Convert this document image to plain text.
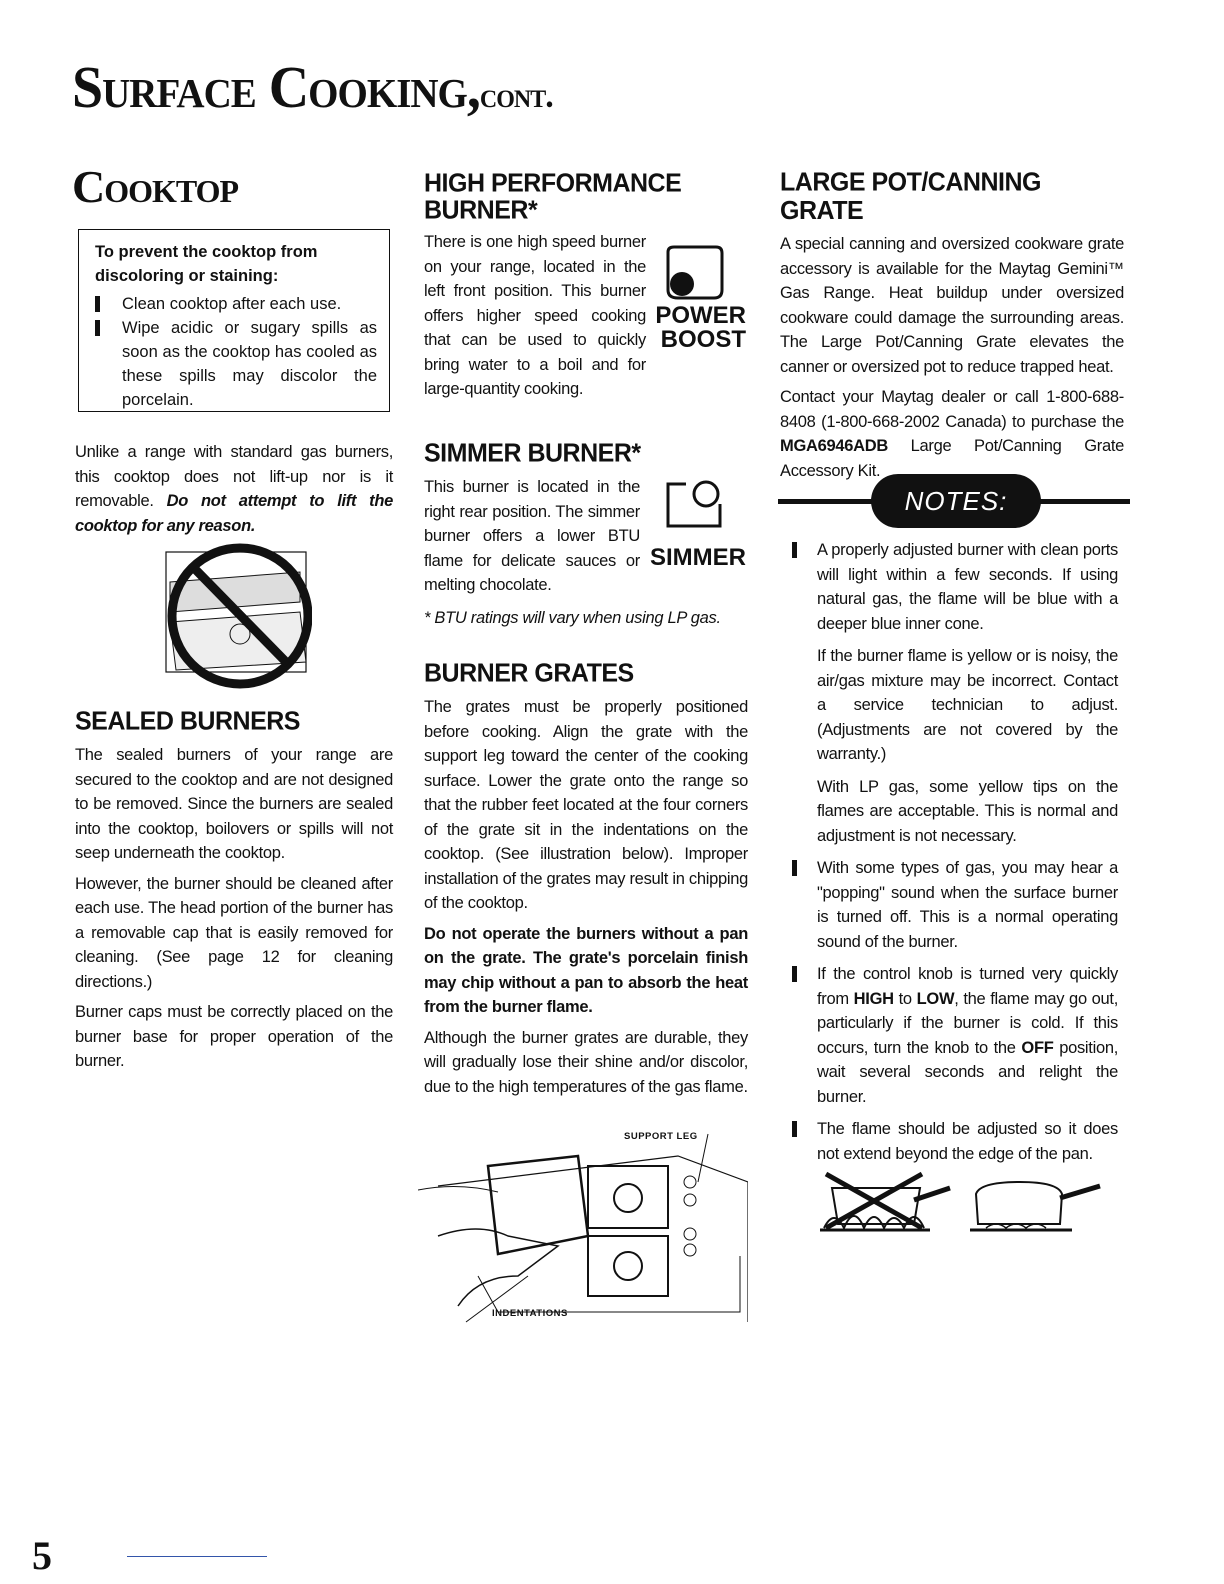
Surface Cooking,cont.
Cooktop
To prevent the cooktop from discoloring or staining:
Clean cooktop after each use.
Wipe acidic or sugary spills as soon as the cooktop has cooled as these spills may discolor the porcelain.

Unlike a range with standard gas burners, this cooktop does not lift-up nor is it removable. Do not attempt to lift the cooktop for any reason.

SEALED BURNERS

The sealed burners of your range are secured to the cooktop and are not designed to be removed. Since the burners are sealed into the cooktop, boilovers or spills will not seep underneath the cooktop.

However, the burner should be cleaned after each use. The head portion of the burner has a removable cap that is easily removed for cleaning. (See page 12 for cleaning directions.)

Burner caps must be correctly placed on the burner base for proper operation of the burner.

HIGH PERFORMANCE
BURNER*

There is one high speed burner on your range, located in the left front position. This burner offers higher speed cooking that can be used to quickly bring water to a boil and for large-quantity cooking.

POWER
BOOST
SIMMER BURNER*

This burner is located in the right rear position. The simmer burner offers a lower BTU flame for delicate sauces or melting chocolate.

* BTU ratings will vary when using LP gas.

SIMMER
BURNER GRATES

The grates must be properly positioned before cooking. Align the grate with the support leg toward the center of the cooking surface. Lower the grate onto the range so that the rubber feet located at the four corners of the grate sit in the indentations on the cooktop. (See illustration below). Improper installation of the grates may result in chipping of the cooktop.

Do not operate the burners without a pan on the grate. The grate's porcelain finish may chip without a pan to absorb the heat from the burner flame.

Although the burner grates are durable, they will gradually lose their shine and/or discolor, due to the high temperatures of the gas flame.

SUPPORT LEG
INDENTATIONS
LARGE POT/CANNING GRATE

A special canning and oversized cookware grate accessory is available for the Maytag Gemini™ Gas Range. Heat buildup under oversized cookware could damage the surrounding areas. The Large Pot/Canning Grate elevates the canner or oversized pot to reduce trapped heat.

Contact your Maytag dealer or call 1-800-688-8408 (1-800-668-2002 Canada) to purchase the MGA6946ADB Large Pot/Canning Grate Accessory Kit.

NOTES:
A properly adjusted burner with clean ports will light within a few seconds. If using natural gas, the flame will be blue with a deeper blue inner cone.
If the burner flame is yellow or is noisy, the air/gas mixture may be incorrect. Contact a service technician to adjust. (Adjustments are not covered by the warranty.)
With LP gas, some yellow tips on the flames are acceptable. This is normal and adjustment is not necessary.
With some types of gas, you may hear a "popping" sound when the surface burner is turned off. This is a normal operating sound of the burner.
If the control knob is turned very quickly from HIGH to LOW, the flame may go out, particularly if the burner is cold. If this occurs, turn the knob to the OFF position, wait several seconds and relight the burner.
The flame should be adjusted so it does not extend beyond the edge of the pan.
5
